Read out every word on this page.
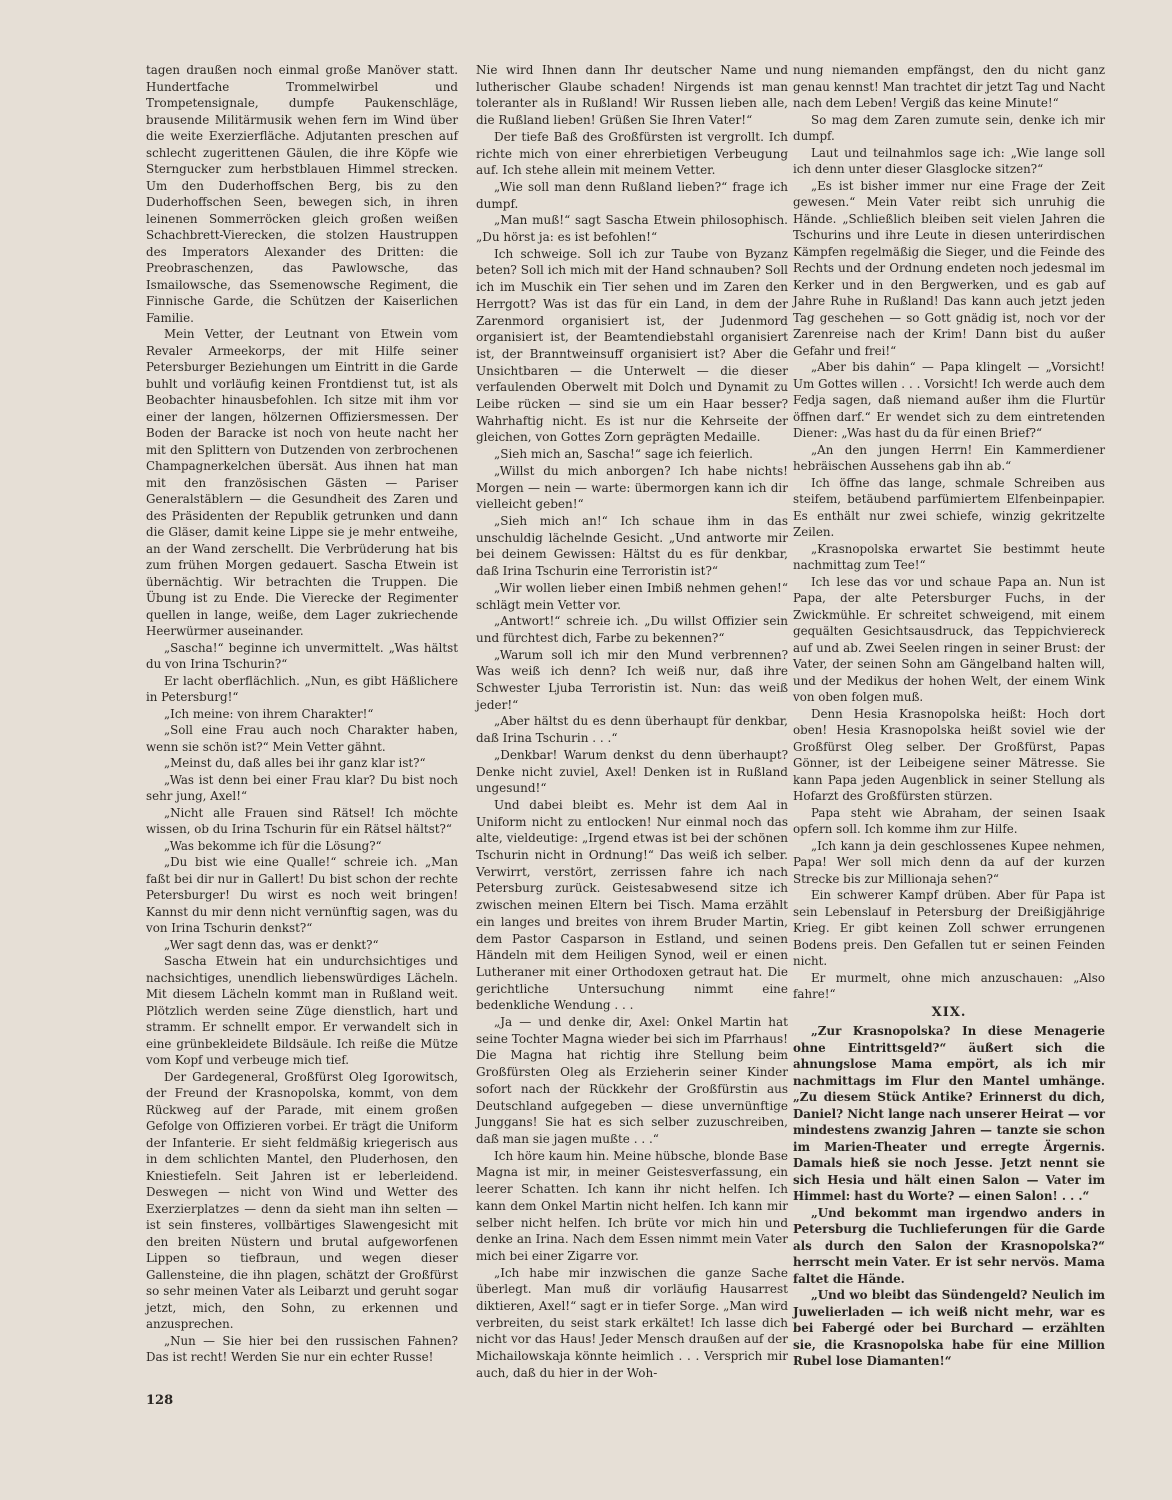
tagen draußen noch einmal große Manöver statt. Hundertfache Trommelwirbel und Trompetensignale, dumpfe Paukenschläge, brausende Militärmusik wehen fern im Wind über die weite Exerzierfläche. Adjutanten preschen auf schlecht zugerittenen Gäulen, die ihre Köpfe wie Sterngucker zum herbstblauen Himmel strecken. Um den Duderhoffschen Berg, bis zu den Duderhoffschen Seen, bewegen sich, in ihren leinenen Sommerröcken gleich großen weißen Schachbrett-Vierecken, die stolzen Haustruppen des Imperators Alexander des Dritten: die Preobraschenzen, das Pawlowsche, das Ismailowsche, das Ssemenowsche Regiment, die Finnische Garde, die Schützen der Kaiserlichen Familie.

Mein Vetter, der Leutnant von Etwein vom Revaler Armeekorps, der mit Hilfe seiner Petersburger Beziehungen um Eintritt in die Garde buhlt und vorläufig keinen Frontdienst tut, ist als Beobachter hinausbefohlen. Ich sitze mit ihm vor einer der langen, hölzernen Offiziersmessen. Der Boden der Baracke ist noch von heute nacht her mit den Splittern von Dutzenden von zerbrochenen Champagnerkelchen übersät. Aus ihnen hat man mit den französischen Gästen — Pariser Generalstäblern — die Gesundheit des Zaren und des Präsidenten der Republik getrunken und dann die Gläser, damit keine Lippe sie je mehr entweihe, an der Wand zerschellt. Die Verbrüderung hat bis zum frühen Morgen gedauert. Sascha Etwein ist übernächtig. Wir betrachten die Truppen. Die Übung ist zu Ende. Die Vierecke der Regimenter quellen in lange, weiße, dem Lager zukriechende Heerwürmer auseinander.

„Sascha!“ beginne ich unvermittelt. „Was hältst du von Irina Tschurin?“

Er lacht oberflächlich. „Nun, es gibt Häßlichere in Petersburg!“

„Ich meine: von ihrem Charakter!“

„Soll eine Frau auch noch Charakter haben, wenn sie schön ist?“ Mein Vetter gähnt.

„Meinst du, daß alles bei ihr ganz klar ist?“

„Was ist denn bei einer Frau klar? Du bist noch sehr jung, Axel!“

„Nicht alle Frauen sind Rätsel! Ich möchte wissen, ob du Irina Tschurin für ein Rätsel hältst?“

„Was bekomme ich für die Lösung?“

„Du bist wie eine Qualle!“ schreie ich. „Man faßt bei dir nur in Gallert! Du bist schon der rechte Petersburger! Du wirst es noch weit bringen! Kannst du mir denn nicht vernünftig sagen, was du von Irina Tschurin denkst?“

„Wer sagt denn das, was er denkt?“

Sascha Etwein hat ein undurchsichtiges und nachsichtiges, unendlich liebenswürdiges Lächeln. Mit diesem Lächeln kommt man in Rußland weit. Plötzlich werden seine Züge dienstlich, hart und stramm. Er schnellt empor. Er verwandelt sich in eine grünbekleidete Bildsäule. Ich reiße die Mütze vom Kopf und verbeuge mich tief.

Der Gardegeneral, Großfürst Oleg Igorowitsch, der Freund der Krasnopolska, kommt, von dem Rückweg auf der Parade, mit einem großen Gefolge von Offizieren vorbei. Er trägt die Uniform der Infanterie. Er sieht feldmäßig kriegerisch aus in dem schlichten Mantel, den Pluderhosen, den Kniestiefeln. Seit Jahren ist er leberleidend. Deswegen — nicht von Wind und Wetter des Exerzierplatzes — denn da sieht man ihn selten — ist sein finsteres, vollbärtiges Slawengesicht mit den breiten Nüstern und brutal aufgeworfenen Lippen so tiefbraun, und wegen dieser Gallensteine, die ihn plagen, schätzt der Großfürst so sehr meinen Vater als Leibarzt und geruht sogar jetzt, mich, den Sohn, zu erkennen und anzusprechen.

„Nun — Sie hier bei den russischen Fahnen? Das ist recht! Werden Sie nur ein echter Russe!

Nie wird Ihnen dann Ihr deutscher Name und lutherischer Glaube schaden! Nirgends ist man toleranter als in Rußland! Wir Russen lieben alle, die Rußland lieben! Grüßen Sie Ihren Vater!“

Der tiefe Baß des Großfürsten ist vergrollt. Ich richte mich von einer ehrerbietigen Verbeugung auf. Ich stehe allein mit meinem Vetter.

„Wie soll man denn Rußland lieben?“ frage ich dumpf.

„Man muß!“ sagt Sascha Etwein philosophisch. „Du hörst ja: es ist befohlen!“

Ich schweige. Soll ich zur Taube von Byzanz beten? Soll ich mich mit der Hand schnauben? Soll ich im Muschik ein Tier sehen und im Zaren den Herrgott? Was ist das für ein Land, in dem der Zarenmord organisiert ist, der Judenmord organisiert ist, der Beamtendiebstahl organisiert ist, der Branntweinsuff organisiert ist? Aber die Unsichtbaren — die Unterwelt — die dieser verfaulenden Oberwelt mit Dolch und Dynamit zu Leibe rücken — sind sie um ein Haar besser? Wahrhaftig nicht. Es ist nur die Kehrseite der gleichen, von Gottes Zorn geprägten Medaille.

„Sieh mich an, Sascha!“ sage ich feierlich.

„Willst du mich anborgen? Ich habe nichts! Morgen — nein — warte: übermorgen kann ich dir vielleicht geben!“

„Sieh mich an!“ Ich schaue ihm in das unschuldig lächelnde Gesicht. „Und antworte mir bei deinem Gewissen: Hältst du es für denkbar, daß Irina Tschurin eine Terroristin ist?“

„Wir wollen lieber einen Imbiß nehmen gehen!“ schlägt mein Vetter vor.

„Antwort!“ schreie ich. „Du willst Offizier sein und fürchtest dich, Farbe zu bekennen?“

„Warum soll ich mir den Mund verbrennen? Was weiß ich denn? Ich weiß nur, daß ihre Schwester Ljuba Terroristin ist. Nun: das weiß jeder!“

„Aber hältst du es denn überhaupt für denkbar, daß Irina Tschurin . . .“

„Denkbar! Warum denkst du denn überhaupt? Denke nicht zuviel, Axel! Denken ist in Rußland ungesund!“

Und dabei bleibt es. Mehr ist dem Aal in Uniform nicht zu entlocken! Nur einmal noch das alte, vieldeutige: „Irgend etwas ist bei der schönen Tschurin nicht in Ordnung!“ Das weiß ich selber. Verwirrt, verstört, zerrissen fahre ich nach Petersburg zurück. Geistesabwesend sitze ich zwischen meinen Eltern bei Tisch. Mama erzählt ein langes und breites von ihrem Bruder Martin, dem Pastor Casparson in Estland, und seinen Händeln mit dem Heiligen Synod, weil er einen Lutheraner mit einer Orthodoxen getraut hat. Die gerichtliche Untersuchung nimmt eine bedenkliche Wendung . . .

„Ja — und denke dir, Axel: Onkel Martin hat seine Tochter Magna wieder bei sich im Pfarrhaus! Die Magna hat richtig ihre Stellung beim Großfürsten Oleg als Erzieherin seiner Kinder sofort nach der Rückkehr der Großfürstin aus Deutschland aufgegeben — diese unvernünftige Junggans! Sie hat es sich selber zuzuschreiben, daß man sie jagen mußte . . .“

Ich höre kaum hin. Meine hübsche, blonde Base Magna ist mir, in meiner Geistesverfassung, ein leerer Schatten. Ich kann ihr nicht helfen. Ich kann dem Onkel Martin nicht helfen. Ich kann mir selber nicht helfen. Ich brüte vor mich hin und denke an Irina. Nach dem Essen nimmt mein Vater mich bei einer Zigarre vor.

„Ich habe mir inzwischen die ganze Sache überlegt. Man muß dir vorläufig Hausarrest diktieren, Axel!“ sagt er in tiefer Sorge. „Man wird verbreiten, du seist stark erkältet! Ich lasse dich nicht vor das Haus! Jeder Mensch draußen auf der Michailowskaja könnte heimlich . . . Versprich mir auch, daß du hier in der Woh-

nung niemanden empfängst, den du nicht ganz genau kennst! Man trachtet dir jetzt Tag und Nacht nach dem Leben! Vergiß das keine Minute!“

So mag dem Zaren zumute sein, denke ich mir dumpf.

Laut und teilnahmlos sage ich: „Wie lange soll ich denn unter dieser Glasglocke sitzen?“

„Es ist bisher immer nur eine Frage der Zeit gewesen.“ Mein Vater reibt sich unruhig die Hände. „Schließlich bleiben seit vielen Jahren die Tschurins und ihre Leute in diesen unterirdischen Kämpfen regelmäßig die Sieger, und die Feinde des Rechts und der Ordnung endeten noch jedesmal im Kerker und in den Bergwerken, und es gab auf Jahre Ruhe in Rußland! Das kann auch jetzt jeden Tag geschehen — so Gott gnädig ist, noch vor der Zarenreise nach der Krim! Dann bist du außer Gefahr und frei!“

„Aber bis dahin“ — Papa klingelt — „Vorsicht! Um Gottes willen . . . Vorsicht! Ich werde auch dem Fedja sagen, daß niemand außer ihm die Flurtür öffnen darf.“ Er wendet sich zu dem eintretenden Diener: „Was hast du da für einen Brief?“

„An den jungen Herrn! Ein Kammerdiener hebräischen Aussehens gab ihn ab.“

Ich öffne das lange, schmale Schreiben aus steifem, betäubend parfümiertem Elfenbeinpapier. Es enthält nur zwei schiefe, winzig gekritzelte Zeilen.

„Krasnopolska erwartet Sie bestimmt heute nachmittag zum Tee!“

Ich lese das vor und schaue Papa an. Nun ist Papa, der alte Petersburger Fuchs, in der Zwickmühle. Er schreitet schweigend, mit einem gequälten Gesichtsausdruck, das Teppichviereck auf und ab. Zwei Seelen ringen in seiner Brust: der Vater, der seinen Sohn am Gängelband halten will, und der Medikus der hohen Welt, der einem Wink von oben folgen muß.

Denn Hesia Krasnopolska heißt: Hoch dort oben! Hesia Krasnopolska heißt soviel wie der Großfürst Oleg selber. Der Großfürst, Papas Gönner, ist der Leibeigene seiner Mätresse. Sie kann Papa jeden Augenblick in seiner Stellung als Hofarzt des Großfürsten stürzen.

Papa steht wie Abraham, der seinen Isaak opfern soll. Ich komme ihm zur Hilfe.

„Ich kann ja dein geschlossenes Kupee nehmen, Papa! Wer soll mich denn da auf der kurzen Strecke bis zur Millionaja sehen?“

Ein schwerer Kampf drüben. Aber für Papa ist sein Lebenslauf in Petersburg der Dreißigjährige Krieg. Er gibt keinen Zoll schwer errungenen Bodens preis. Den Gefallen tut er seinen Feinden nicht.

Er murmelt, ohne mich anzuschauen: „Also fahre!“

XIX.

„Zur Krasnopolska? In diese Menagerie ohne Eintrittsgeld?“ äußert sich die ahnungslose Mama empört, als ich mir nachmittags im Flur den Mantel umhänge. „Zu diesem Stück Antike? Erinnerst du dich, Daniel? Nicht lange nach unserer Heirat — vor mindestens zwanzig Jahren — tanzte sie schon im Marien-Theater und erregte Ärgernis. Damals hieß sie noch Jesse. Jetzt nennt sie sich Hesia und hält einen Salon — Vater im Himmel: hast du Worte? — einen Salon! . . .“

„Und bekommt man irgendwo anders in Petersburg die Tuchlieferungen für die Garde als durch den Salon der Krasnopolska?“ herrscht mein Vater. Er ist sehr nervös. Mama faltet die Hände.

„Und wo bleibt das Sündengeld? Neulich im Juwelierladen — ich weiß nicht mehr, war es bei Fabergé oder bei Burchard — erzählten sie, die Krasnopolska habe für eine Million Rubel lose Diamanten!“

128
